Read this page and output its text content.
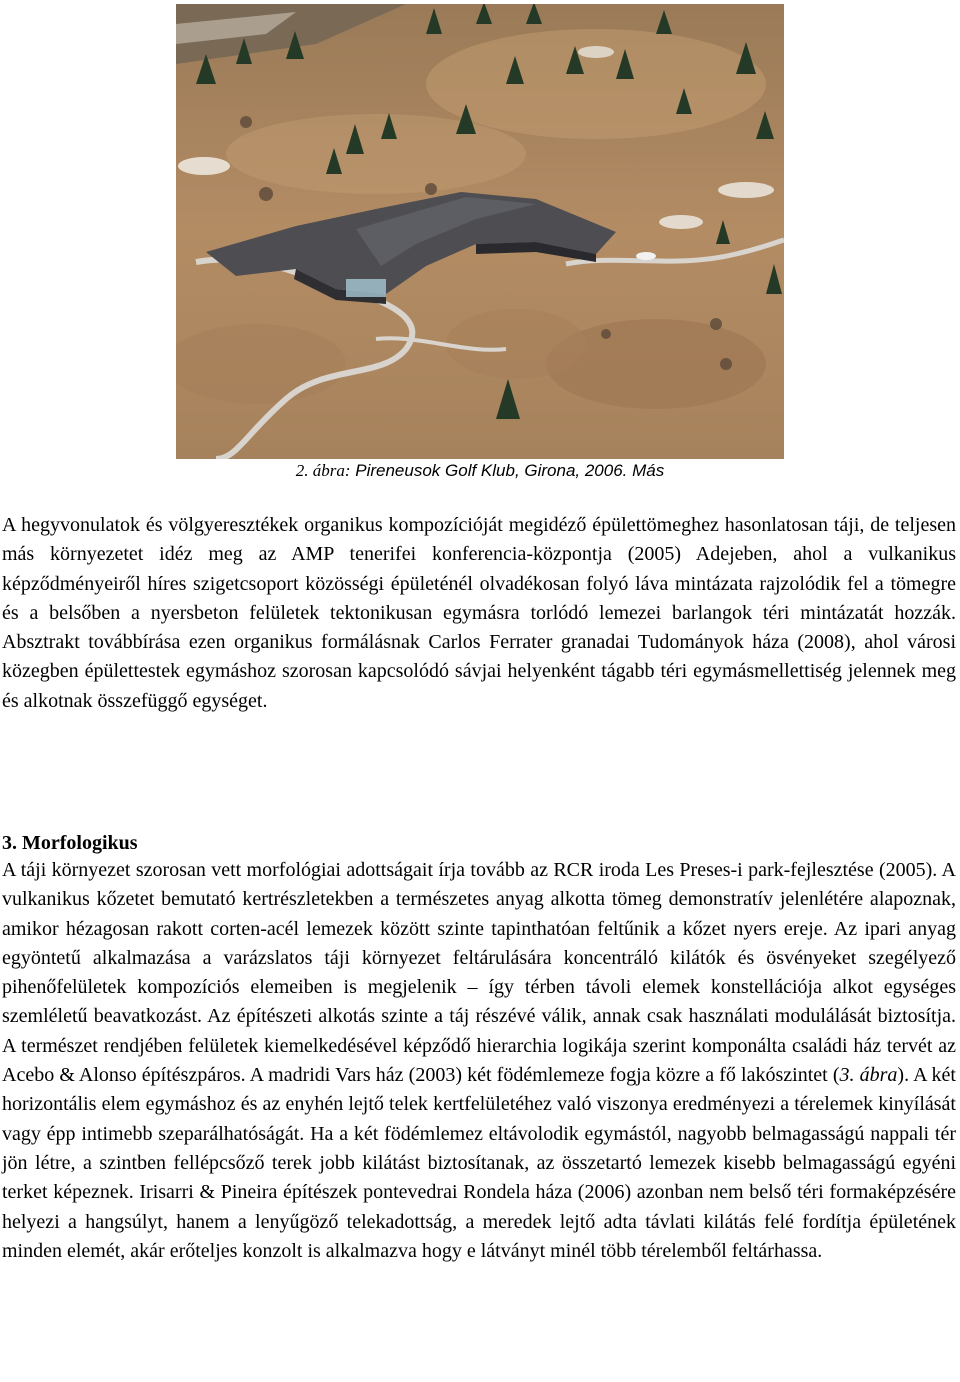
2. ábra: Pireneusok Golf Klub, Girona, 2006. Más

A hegyvonulatok és völgyeresztékek organikus kompozícióját megidéző épülettömeghez hasonlatosan táji, de teljesen más környezetet idéz meg az AMP tenerifei konferencia-központja (2005) Adejeben, ahol a vulkanikus képződményeiről híres szigetcsoport közösségi épületénél olvadékosan folyó láva mintázata rajzolódik fel a tömegre és a belsőben a nyersbeton felületek tektonikusan egymásra torlódó lemezei barlangok téri mintázatát hozzák. Absztrakt továbbírása ezen organikus formálásnak Carlos Ferrater granadai Tudományok háza (2008), ahol városi közegben épülettestek egymáshoz szorosan kapcsolódó sávjai helyenként tágabb téri egymásmellettiség jelennek meg és alkotnak összefüggő egységet.

3. Morfologikus

A táji környezet szorosan vett morfológiai adottságait írja tovább az RCR iroda Les Preses-i park-fejlesztése (2005). A vulkanikus kőzetet bemutató kertrészletekben a természetes anyag alkotta tömeg demonstratív jelenlétére alapoznak, amikor hézagosan rakott corten-acél lemezek között szinte tapinthatóan feltűnik a kőzet nyers ereje. Az ipari anyag egyöntetű alkalmazása a varázslatos táji környezet feltárulására koncentráló kilátók és ösvényeket szegélyező pihenőfelületek kompozíciós elemeiben is megjelenik – így térben távoli elemek konstellációja alkot egységes szemléletű beavatkozást. Az építészeti alkotás szinte a táj részévé válik, annak csak használati modulálását biztosítja. A természet rendjében felületek kiemelkedésével képződő hierarchia logikája szerint komponálta családi ház tervét az Acebo & Alonso építészpáros. A madridi Vars ház (2003) két födémlemeze fogja közre a fő lakószintet (3. ábra). A két horizontális elem egymáshoz és az enyhén lejtő telek kertfelületéhez való viszonya eredményezi a térelemek kinyílását vagy épp intimebb szeparálhatóságát. Ha a két födémlemez eltávolodik egymástól, nagyobb belmagasságú nappali tér jön létre, a szintben fellépcsőző terek jobb kilátást biztosítanak, az összetartó lemezek kisebb belmagasságú egyéni terket képeznek. Irisarri & Pineira építészek pontevedrai Rondela háza (2006) azonban nem belső téri formaképzésére helyezi a hangsúlyt, hanem a lenyűgöző telekadottság, a meredek lejtő adta távlati kilátás felé fordítja épületének minden elemét, akár erőteljes konzolt is alkalmazva hogy e látványt minél több térelemből feltárhassa.
